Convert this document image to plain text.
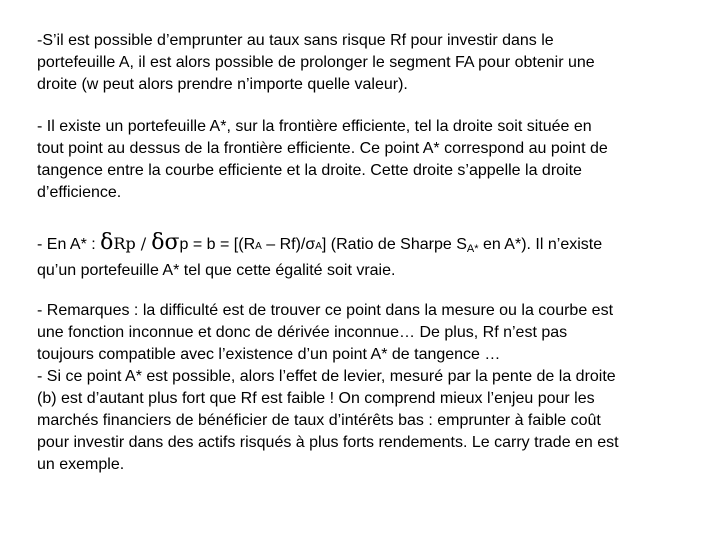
-S’il est possible d’emprunter au taux sans risque Rf pour investir dans le
portefeuille A, il est alors possible de prolonger le segment FA pour obtenir une
droite (w peut alors prendre n’importe quelle valeur).

- Il existe un portefeuille A*, sur la frontière efficiente, tel la droite soit située en
tout point au dessus de la frontière efficiente. Ce point A* correspond au point de
tangence entre la courbe efficiente et la droite. Cette droite s’appelle la droite
d’efficience.

- En A* : δRp / δσp = b = [(RA – Rf)/σA] (Ratio de Sharpe SA* en A*). Il n’existe
qu’un portefeuille A* tel que cette égalité soit vraie.

- Remarques : la difficulté est de trouver ce point dans la mesure ou la courbe est
une fonction inconnue et donc de dérivée inconnue… De plus, Rf n’est pas
toujours compatible avec l’existence d’un point A* de tangence …
- Si ce point A* est possible, alors l’effet de levier, mesuré par la pente de la droite
(b) est d’autant plus fort que Rf est faible ! On comprend mieux l’enjeu pour les
marchés financiers de bénéficier de taux d’intérêts bas : emprunter à faible coût
pour investir dans des actifs risqués à plus forts rendements. Le carry trade en est
un exemple.
